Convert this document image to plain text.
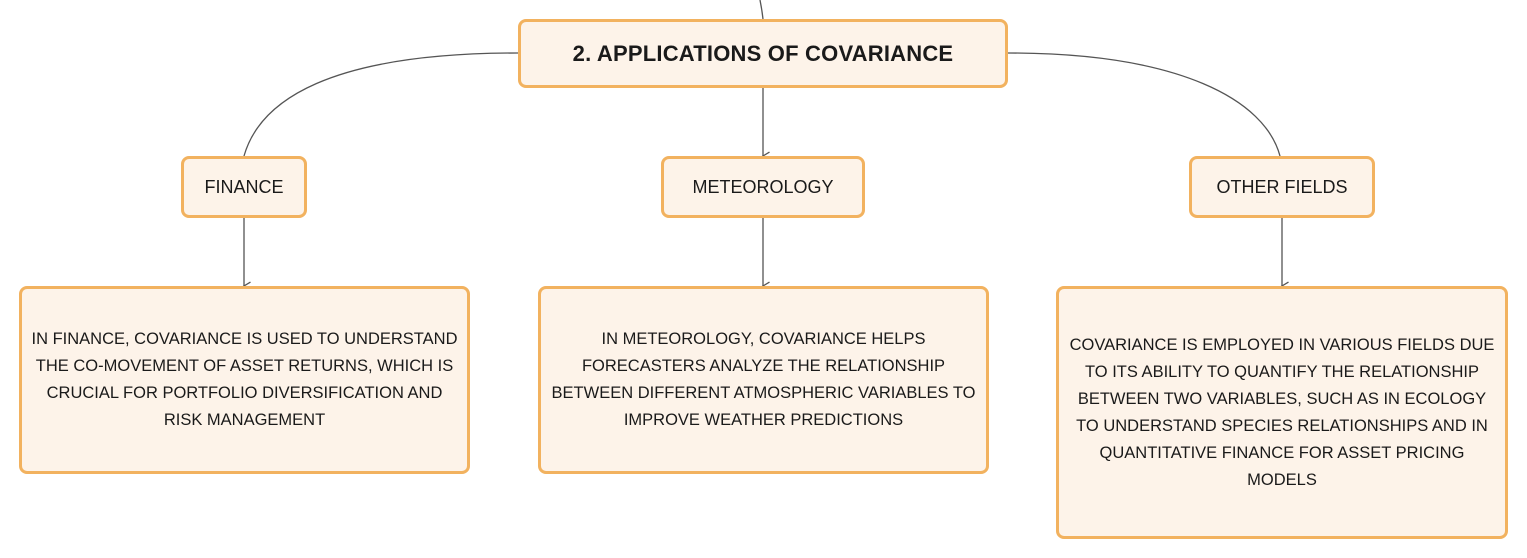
2. APPLICATIONS OF COVARIANCE
FINANCE	METEOROLOGY	OTHER FIELDS
IN FINANCE, COVARIANCE IS USED TO UNDERSTAND THE CO-MOVEMENT OF ASSET RETURNS, WHICH IS CRUCIAL FOR PORTFOLIO DIVERSIFICATION AND RISK MANAGEMENT
IN METEOROLOGY, COVARIANCE HELPS FORECASTERS ANALYZE THE RELATIONSHIP BETWEEN DIFFERENT ATMOSPHERIC VARIABLES TO IMPROVE WEATHER PREDICTIONS
COVARIANCE IS EMPLOYED IN VARIOUS FIELDS DUE TO ITS ABILITY TO QUANTIFY THE RELATIONSHIP BETWEEN TWO VARIABLES, SUCH AS IN ECOLOGY TO UNDERSTAND SPECIES RELATIONSHIPS AND IN QUANTITATIVE FINANCE FOR ASSET PRICING MODELS
